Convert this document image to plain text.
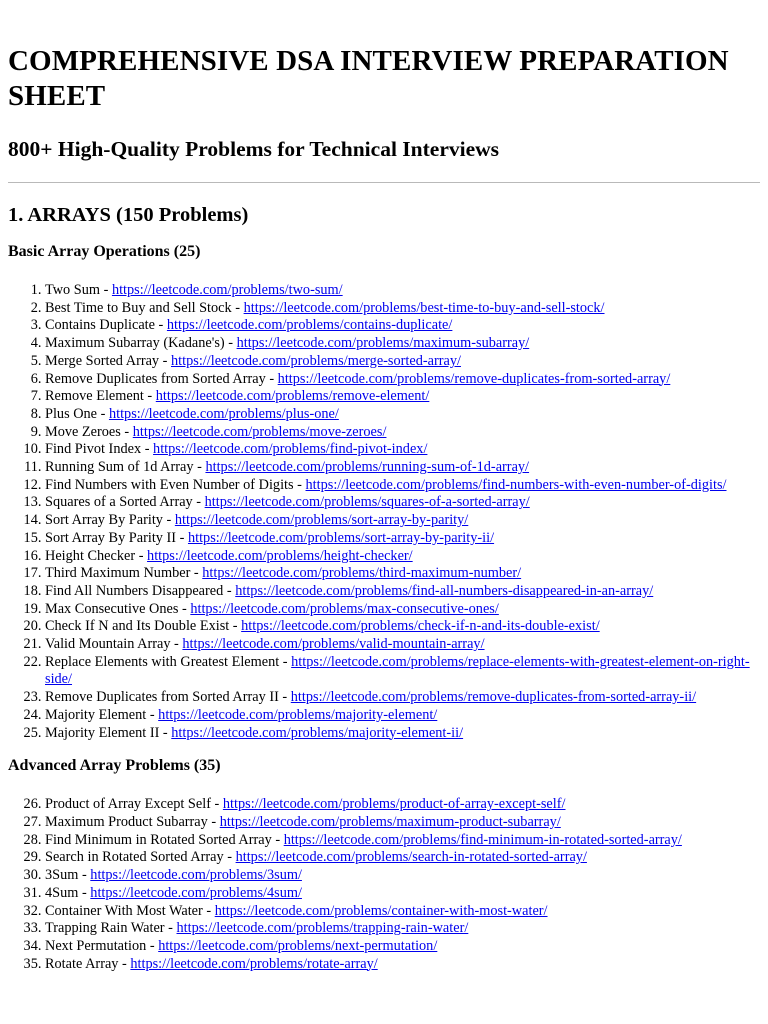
COMPREHENSIVE DSA INTERVIEW PREPARATION SHEET
800+ High-Quality Problems for Technical Interviews
1. ARRAYS (150 Problems)
Basic Array Operations (25)
1. Two Sum - https://leetcode.com/problems/two-sum/
2. Best Time to Buy and Sell Stock - https://leetcode.com/problems/best-time-to-buy-and-sell-stock/
3. Contains Duplicate - https://leetcode.com/problems/contains-duplicate/
4. Maximum Subarray (Kadane's) - https://leetcode.com/problems/maximum-subarray/
5. Merge Sorted Array - https://leetcode.com/problems/merge-sorted-array/
6. Remove Duplicates from Sorted Array - https://leetcode.com/problems/remove-duplicates-from-sorted-array/
7. Remove Element - https://leetcode.com/problems/remove-element/
8. Plus One - https://leetcode.com/problems/plus-one/
9. Move Zeroes - https://leetcode.com/problems/move-zeroes/
10. Find Pivot Index - https://leetcode.com/problems/find-pivot-index/
11. Running Sum of 1d Array - https://leetcode.com/problems/running-sum-of-1d-array/
12. Find Numbers with Even Number of Digits - https://leetcode.com/problems/find-numbers-with-even-number-of-digits/
13. Squares of a Sorted Array - https://leetcode.com/problems/squares-of-a-sorted-array/
14. Sort Array By Parity - https://leetcode.com/problems/sort-array-by-parity/
15. Sort Array By Parity II - https://leetcode.com/problems/sort-array-by-parity-ii/
16. Height Checker - https://leetcode.com/problems/height-checker/
17. Third Maximum Number - https://leetcode.com/problems/third-maximum-number/
18. Find All Numbers Disappeared - https://leetcode.com/problems/find-all-numbers-disappeared-in-an-array/
19. Max Consecutive Ones - https://leetcode.com/problems/max-consecutive-ones/
20. Check If N and Its Double Exist - https://leetcode.com/problems/check-if-n-and-its-double-exist/
21. Valid Mountain Array - https://leetcode.com/problems/valid-mountain-array/
22. Replace Elements with Greatest Element - https://leetcode.com/problems/replace-elements-with-greatest-element-on-right-side/
23. Remove Duplicates from Sorted Array II - https://leetcode.com/problems/remove-duplicates-from-sorted-array-ii/
24. Majority Element - https://leetcode.com/problems/majority-element/
25. Majority Element II - https://leetcode.com/problems/majority-element-ii/
Advanced Array Problems (35)
26. Product of Array Except Self - https://leetcode.com/problems/product-of-array-except-self/
27. Maximum Product Subarray - https://leetcode.com/problems/maximum-product-subarray/
28. Find Minimum in Rotated Sorted Array - https://leetcode.com/problems/find-minimum-in-rotated-sorted-array/
29. Search in Rotated Sorted Array - https://leetcode.com/problems/search-in-rotated-sorted-array/
30. 3Sum - https://leetcode.com/problems/3sum/
31. 4Sum - https://leetcode.com/problems/4sum/
32. Container With Most Water - https://leetcode.com/problems/container-with-most-water/
33. Trapping Rain Water - https://leetcode.com/problems/trapping-rain-water/
34. Next Permutation - https://leetcode.com/problems/next-permutation/
35. Rotate Array - https://leetcode.com/problems/rotate-array/
